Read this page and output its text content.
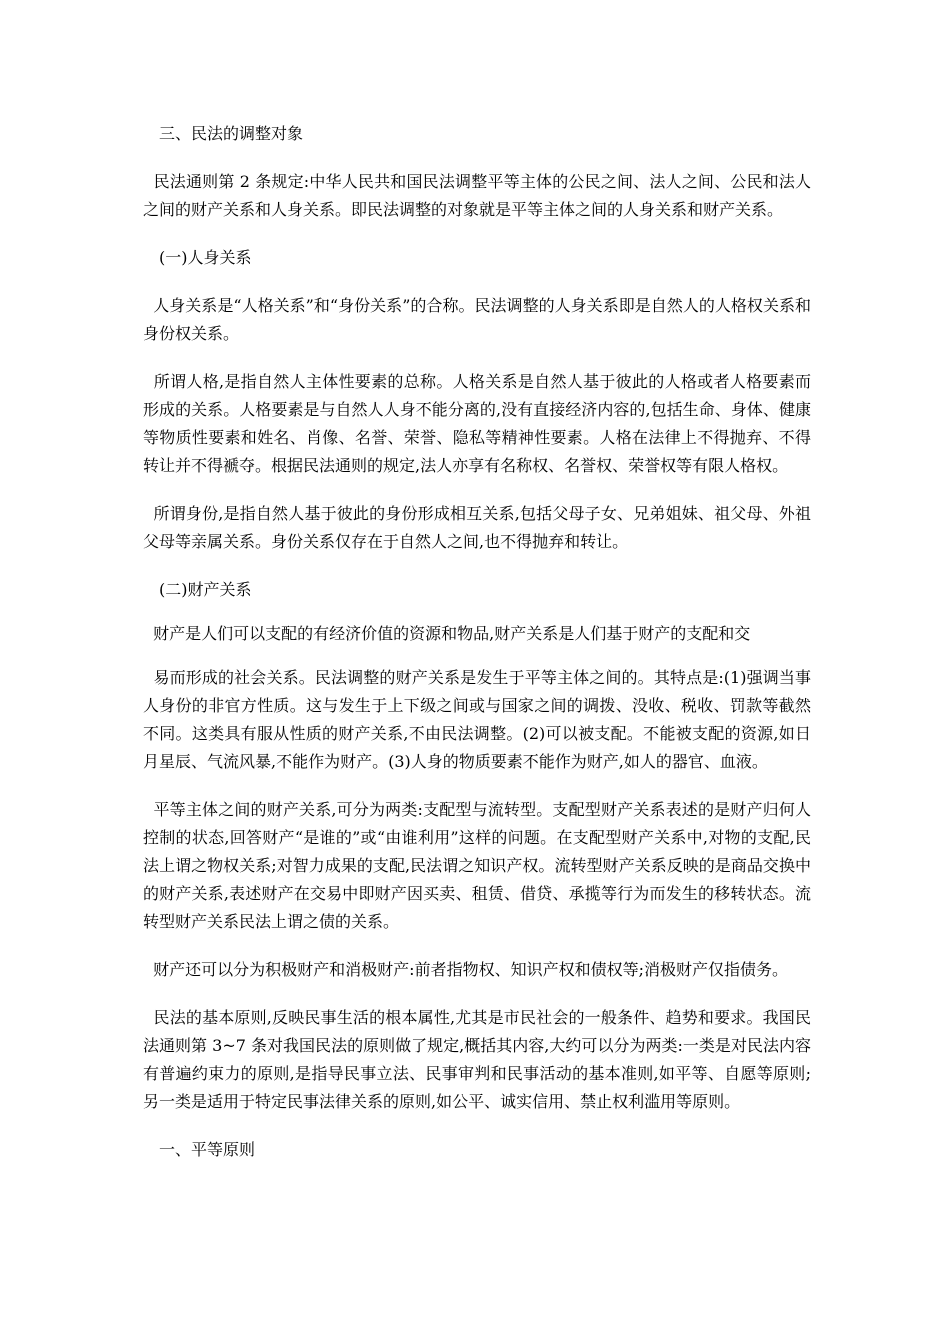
三、民法的调整对象

民法通则第 2 条规定:中华人民共和国民法调整平等主体的公民之间、法人之间、公民和法人之间的财产关系和人身关系。即民法调整的对象就是平等主体之间的人身关系和财产关系。

(一)人身关系

人身关系是“人格关系”和“身份关系”的合称。民法调整的人身关系即是自然人的人格权关系和身份权关系。

所谓人格,是指自然人主体性要素的总称。人格关系是自然人基于彼此的人格或者人格要素而形成的关系。人格要素是与自然人人身不能分离的,没有直接经济内容的,包括生命、身体、健康等物质性要素和姓名、肖像、名誉、荣誉、隐私等精神性要素。人格在法律上不得抛弃、不得转让并不得褫夺。根据民法通则的规定,法人亦享有名称权、名誉权、荣誉权等有限人格权。

所谓身份,是指自然人基于彼此的身份形成相互关系,包括父母子女、兄弟姐妹、祖父母、外祖父母等亲属关系。身份关系仅存在于自然人之间,也不得抛弃和转让。

(二)财产关系

财产是人们可以支配的有经济价值的资源和物品,财产关系是人们基于财产的支配和交

易而形成的社会关系。民法调整的财产关系是发生于平等主体之间的。其特点是:(1)强调当事人身份的非官方性质。这与发生于上下级之间或与国家之间的调拨、没收、税收、罚款等截然不同。这类具有服从性质的财产关系,不由民法调整。(2)可以被支配。不能被支配的资源,如日月星辰、气流风暴,不能作为财产。(3)人身的物质要素不能作为财产,如人的器官、血液。

平等主体之间的财产关系,可分为两类:支配型与流转型。支配型财产关系表述的是财产归何人控制的状态,回答财产“是谁的”或“由谁利用”这样的问题。在支配型财产关系中,对物的支配,民法上谓之物权关系;对智力成果的支配,民法谓之知识产权。流转型财产关系反映的是商品交换中的财产关系,表述财产在交易中即财产因买卖、租赁、借贷、承揽等行为而发生的移转状态。流转型财产关系民法上谓之债的关系。

财产还可以分为积极财产和消极财产:前者指物权、知识产权和债权等;消极财产仅指债务。

民法的基本原则,反映民事生活的根本属性,尤其是市民社会的一般条件、趋势和要求。我国民法通则第 3~7 条对我国民法的原则做了规定,概括其内容,大约可以分为两类:一类是对民法内容有普遍约束力的原则,是指导民事立法、民事审判和民事活动的基本准则,如平等、自愿等原则;另一类是适用于特定民事法律关系的原则,如公平、诚实信用、禁止权利滥用等原则。

一、平等原则
